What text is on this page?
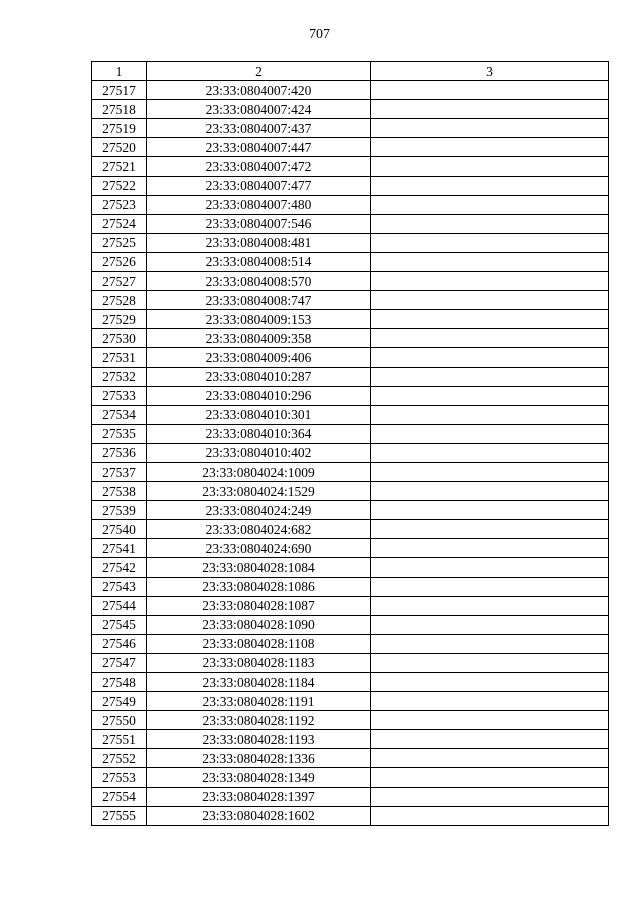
707
1	2	3
27517	23:33:0804007:420	
27518	23:33:0804007:424	
27519	23:33:0804007:437	
27520	23:33:0804007:447	
27521	23:33:0804007:472	
27522	23:33:0804007:477	
27523	23:33:0804007:480	
27524	23:33:0804007:546	
27525	23:33:0804008:481	
27526	23:33:0804008:514	
27527	23:33:0804008:570	
27528	23:33:0804008:747	
27529	23:33:0804009:153	
27530	23:33:0804009:358	
27531	23:33:0804009:406	
27532	23:33:0804010:287	
27533	23:33:0804010:296	
27534	23:33:0804010:301	
27535	23:33:0804010:364	
27536	23:33:0804010:402	
27537	23:33:0804024:1009	
27538	23:33:0804024:1529	
27539	23:33:0804024:249	
27540	23:33:0804024:682	
27541	23:33:0804024:690	
27542	23:33:0804028:1084	
27543	23:33:0804028:1086	
27544	23:33:0804028:1087	
27545	23:33:0804028:1090	
27546	23:33:0804028:1108	
27547	23:33:0804028:1183	
27548	23:33:0804028:1184	
27549	23:33:0804028:1191	
27550	23:33:0804028:1192	
27551	23:33:0804028:1193	
27552	23:33:0804028:1336	
27553	23:33:0804028:1349	
27554	23:33:0804028:1397	
27555	23:33:0804028:1602	
